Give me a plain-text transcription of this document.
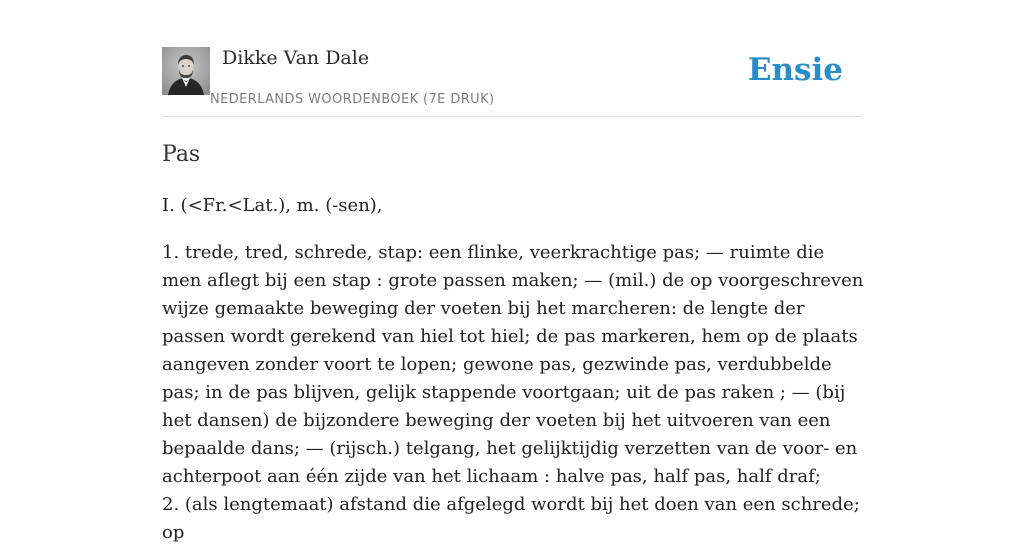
Dikke Van Dale
NEDERLANDS WOORDENBOEK (7E DRUK)
Ensie
Pas

I. (<Fr.<Lat.), m. (-sen),

1. trede, tred, schrede, stap: een flinke, veerkrachtige pas; — ruimte die men aflegt bij een stap : grote passen maken; — (mil.) de op voorgeschreven wijze gemaakte beweging der voeten bij het marcheren: de lengte der passen wordt gerekend van hiel tot hiel; de pas markeren, hem op de plaats aangeven zonder voort te lopen; gewone pas, gezwinde pas, verdubbelde pas; in de pas blijven, gelijk stappende voortgaan; uit de pas raken ; — (bij het dansen) de bijzondere beweging der voeten bij het uitvoeren van een bepaalde dans; — (rijsch.) telgang, het gelijktijdig verzetten van de voor- en achterpoot aan één zijde van het lichaam : halve pas, half pas, half draf;

2. (als lengtemaat) afstand die afgelegd wordt bij het doen van een schrede; op
